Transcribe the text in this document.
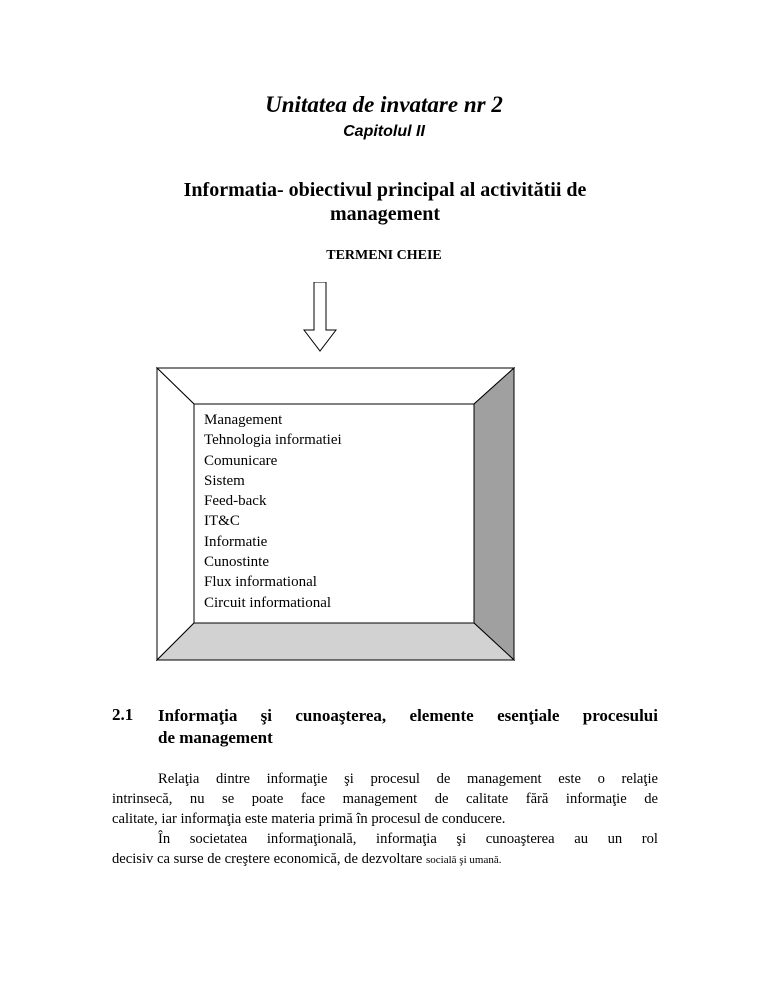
Unitatea de invatare nr 2
Capitolul II
Informatia- obiectivul principal al activitătii de
management
TERMENI CHEIE
Management
Tehnologia informatiei
Comunicare
Sistem
Feed-back
IT&C
Informatie
Cunostinte
Flux informational
Circuit informational
2.1 Informaţia şi cunoaşterea, elemente esenţiale procesului
de management
Relaţia dintre informaţie şi procesul de management este o relaţie
intrinsecă, nu se poate face management de calitate fără informaţie de
calitate, iar informaţia este materia primă în procesul de conducere.
În societatea informaţională, informaţia şi cunoaşterea au un rol
decisiv ca surse de creştere economică, de dezvoltare socială şi umană.
